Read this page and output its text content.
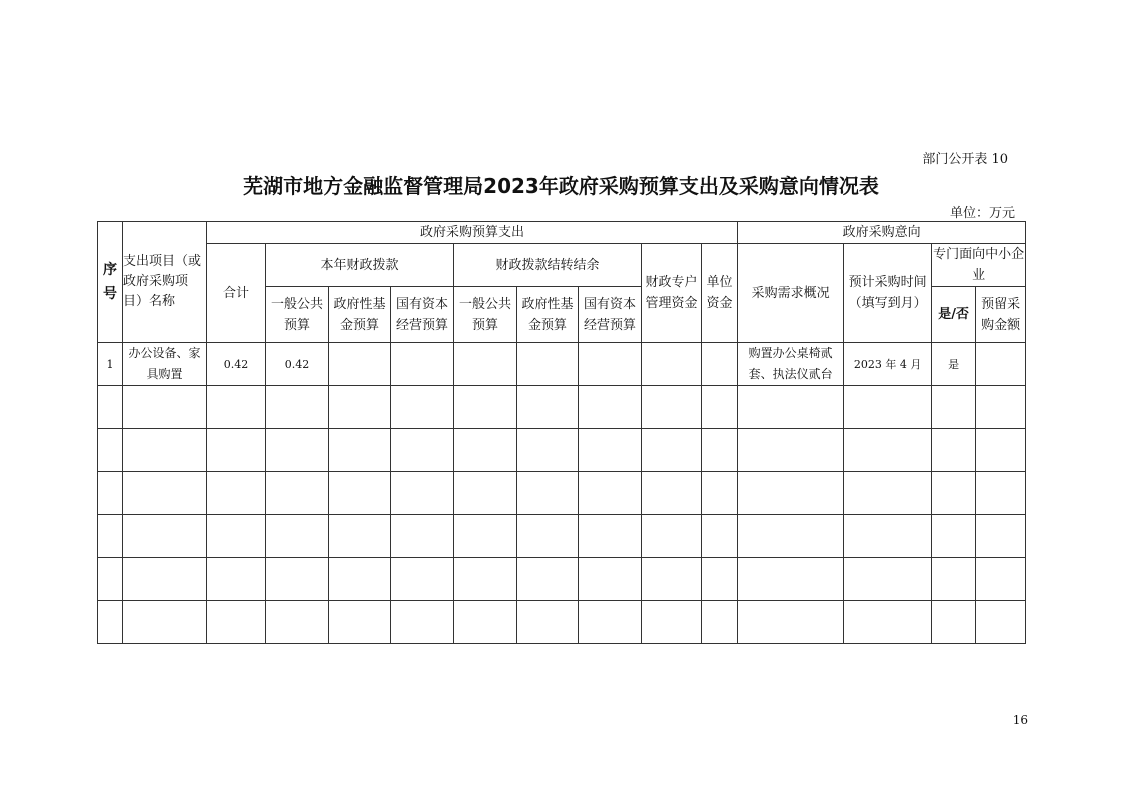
部门公开表 10
芜湖市地方金融监督管理局2023年政府采购预算支出及采购意向情况表
单位：万元
序号	支出项目（或政府采购项目）名称	政府采购预算支出									政府采购意向			
		合计	本年财政拨款			财政拨款结转结余			财政专户管理资金	单位资金	采购需求概况	预计采购时间（填写到月）	专门面向中小企业	
			一般公共预算	政府性基金预算	国有资本经营预算	一般公共预算	政府性基金预算	国有资本经营预算					是/否	预留采购金额
1	办公设备、家具购置	0.42	0.42								购置办公桌椅贰套、执法仪贰台	2023 年 4 月	是	

16
